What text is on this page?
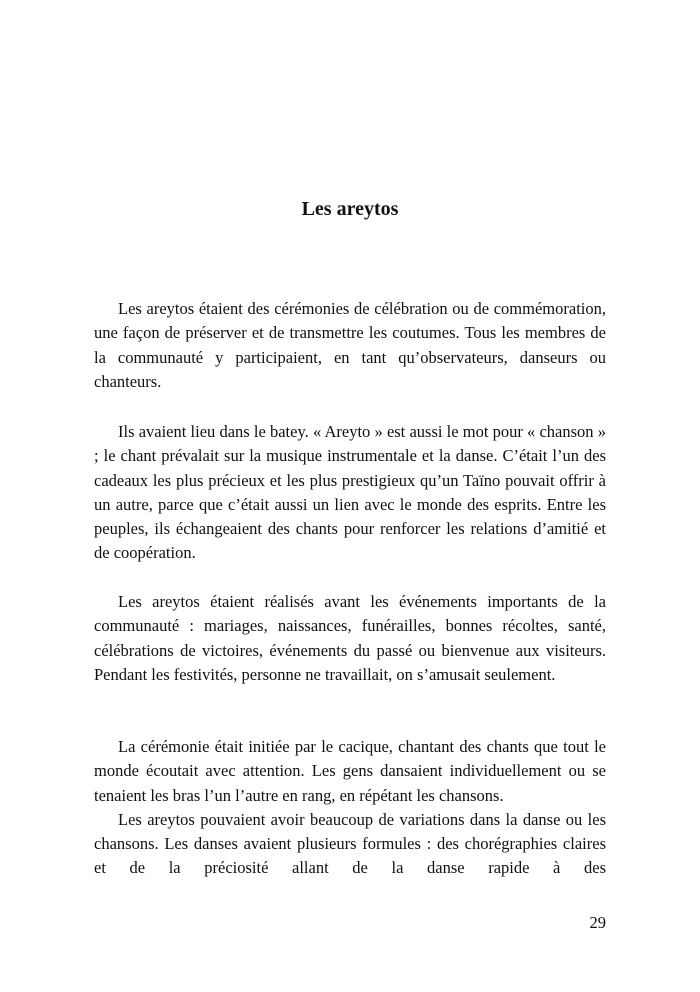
Les areytos

Les areytos étaient des cérémonies de célébration ou de commémoration, une façon de préserver et de transmettre les coutumes. Tous les membres de la communauté y participaient, en tant qu’observateurs, danseurs ou chanteurs.

Ils avaient lieu dans le batey. « Areyto » est aussi le mot pour « chanson » ; le chant prévalait sur la musique instrumentale et la danse. C’était l’un des cadeaux les plus précieux et les plus prestigieux qu’un Taïno pouvait offrir à un autre, parce que c’était aussi un lien avec le monde des esprits. Entre les peuples, ils échangeaient des chants pour renforcer les relations d’amitié et de coopération.

Les areytos étaient réalisés avant les événements importants de la communauté : mariages, naissances, funérailles, bonnes récoltes, santé, célébrations de victoires, événements du passé ou bienvenue aux visiteurs. Pendant les festivités, personne ne travaillait, on s’amusait seulement.

La cérémonie était initiée par le cacique, chantant des chants que tout le monde écoutait avec attention. Les gens dansaient individuellement ou se tenaient les bras l’un l’autre en rang, en répétant les chansons.

Les areytos pouvaient avoir beaucoup de variations dans la danse ou les chansons. Les danses avaient plusieurs formules : des chorégraphies claires et de la préciosité allant de la danse rapide à des

29
